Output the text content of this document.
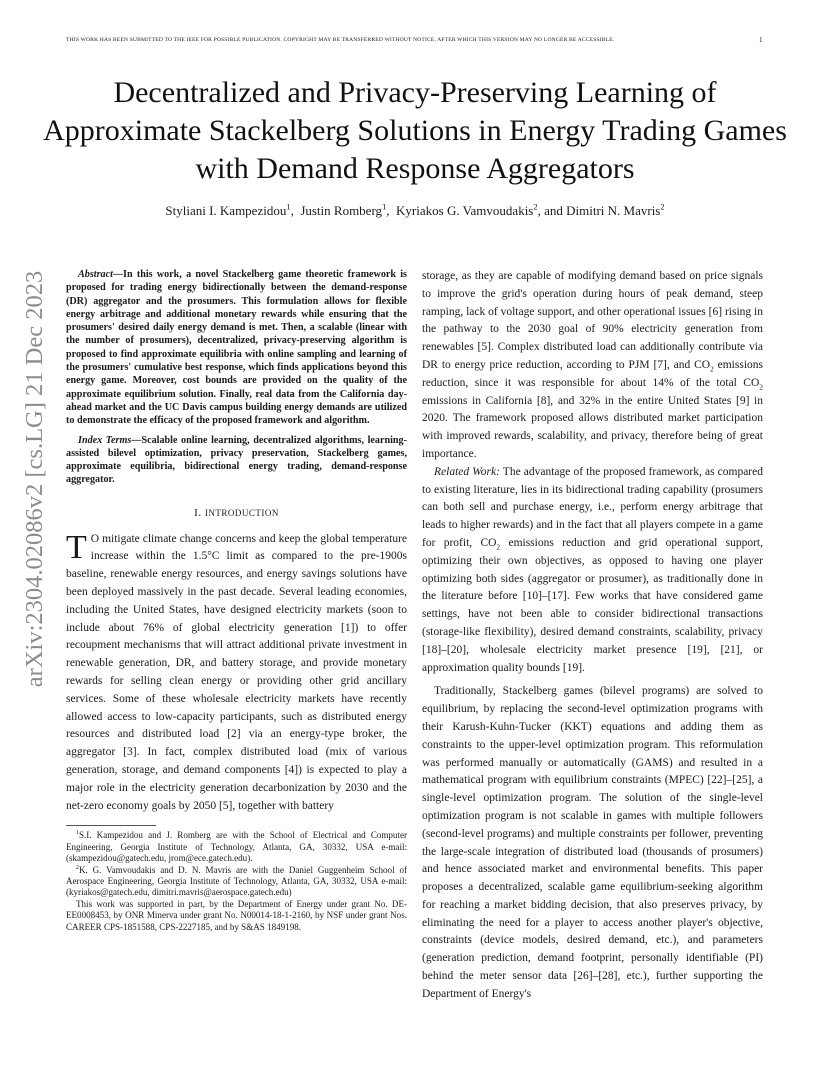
THIS WORK HAS BEEN SUBMITTED TO THE IEEE FOR POSSIBLE PUBLICATION. COPYRIGHT MAY BE TRANSFERRED WITHOUT NOTICE, AFTER WHICH THIS VERSION MAY NO LONGER BE ACCESSIBLE.	1
Decentralized and Privacy-Preserving Learning of Approximate Stackelberg Solutions in Energy Trading Games with Demand Response Aggregators
Styliani I. Kampezidou$^1$,  Justin Romberg$^1$,  Kyriakos G. Vamvoudakis$^2$, and Dimitri N. Mavris$^2$
arXiv:2304.02086v2 [cs.LG] 21 Dec 2023	Abstract—In this work, a novel Stackelberg game theoretic framework is proposed for trading energy bidirectionally between the demand-response (DR) aggregator and the prosumers. This formulation allows for flexible energy arbitrage and additional monetary rewards while ensuring that the prosumers' desired daily energy demand is met. Then, a scalable (linear with the number of prosumers), decentralized, privacy-preserving algorithm is proposed to find approximate equilibria with online sampling and learning of the prosumers' cumulative best response, which finds applications beyond this energy game. Moreover, cost bounds are provided on the quality of the approximate equilibrium solution. Finally, real data from the California day-ahead market and the UC Davis campus building energy demands are utilized to demonstrate the efficacy of the proposed framework and algorithm.

Index Terms—Scalable online learning, decentralized algorithms, learning-assisted bilevel optimization, privacy preservation, Stackelberg games, approximate equilibria, bidirectional energy trading, demand-response aggregator.

I. INTRODUCTION

T O mitigate climate change concerns and keep the global temperature increase within the 1.5°C limit as compared to the pre-1900s baseline, renewable energy resources, and energy savings solutions have been deployed massively in the past decade. Several leading economies, including the United States, have designed electricity markets (soon to include about 76% of global electricity generation [1]) to offer recoupment mechanisms that will attract additional private investment in renewable generation, DR, and battery storage, and provide monetary rewards for selling clean energy or providing other grid ancillary services. Some of these wholesale electricity markets have recently allowed access to low-capacity participants, such as distributed energy resources and distributed load [2] via an energy-type broker, the aggregator [3]. In fact, complex distributed load (mix of various generation, storage, and demand components [4]) is expected to play a major role in the electricity generation decarbonization by 2030 and the net-zero economy goals by 2050 [5], together with battery

$^1$S.I. Kampezidou and J. Romberg are with the School of Electrical and Computer Engineering, Georgia Institute of Technology, Atlanta, GA, 30332, USA e-mail: (skampezidou@gatech.edu, jrom@ece.gatech.edu).

$^2$K. G. Vamvoudakis and D. N. Mavris are with the Daniel Guggenheim School of Aerospace Engineering, Georgia Institute of Technology, Atlanta, GA, 30332, USA e-mail: (kyriakos@gatech.edu, dimitri.mavris@aerospace.gatech.edu)

This work was supported in part, by the Department of Energy under grant No. DE-EE0008453, by ONR Minerva under grant No. N00014-18-1-2160, by NSF under grant Nos. CAREER CPS-1851588, CPS-2227185, and by S&AS 1849198.

storage, as they are capable of modifying demand based on price signals to improve the grid's operation during hours of peak demand, steep ramping, lack of voltage support, and other operational issues [6] rising in the pathway to the 2030 goal of 90% electricity generation from renewables [5]. Complex distributed load can additionally contribute via DR to energy price reduction, according to PJM [7], and $CO_2$ emissions reduction, since it was responsible for about 14% of the total $CO_2$ emissions in California [8], and 32% in the entire United States [9] in 2020. The framework proposed allows distributed market participation with improved rewards, scalability, and privacy, therefore being of great importance.

Related Work: The advantage of the proposed framework, as compared to existing literature, lies in its bidirectional trading capability (prosumers can both sell and purchase energy, i.e., perform energy arbitrage that leads to higher rewards) and in the fact that all players compete in a game for profit, $CO_2$ emissions reduction and grid operational support, optimizing their own objectives, as opposed to having one player optimizing both sides (aggregator or prosumer), as traditionally done in the literature before [10]–[17]. Few works that have considered game settings, have not been able to consider bidirectional transactions (storage-like flexibility), desired demand constraints, scalability, privacy [18]–[20], wholesale electricity market presence [19], [21], or approximation quality bounds [19].

Traditionally, Stackelberg games (bilevel programs) are solved to equilibrium, by replacing the second-level optimization programs with their Karush-Kuhn-Tucker (KKT) equations and adding them as constraints to the upper-level optimization program. This reformulation was performed manually or automatically (GAMS) and resulted in a mathematical program with equilibrium constraints (MPEC) [22]–[25], a single-level optimization program. The solution of the single-level optimization program is not scalable in games with multiple followers (second-level programs) and multiple constraints per follower, preventing the large-scale integration of distributed load (thousands of prosumers) and hence associated market and environmental benefits. This paper proposes a decentralized, scalable game equilibrium-seeking algorithm for reaching a market bidding decision, that also preserves privacy, by eliminating the need for a player to access another player's objective, constraints (device models, desired demand, etc.), and parameters (generation prediction, demand footprint, personally identifiable (PI) behind the meter sensor data [26]–[28], etc.), further supporting the Department of Energy's
